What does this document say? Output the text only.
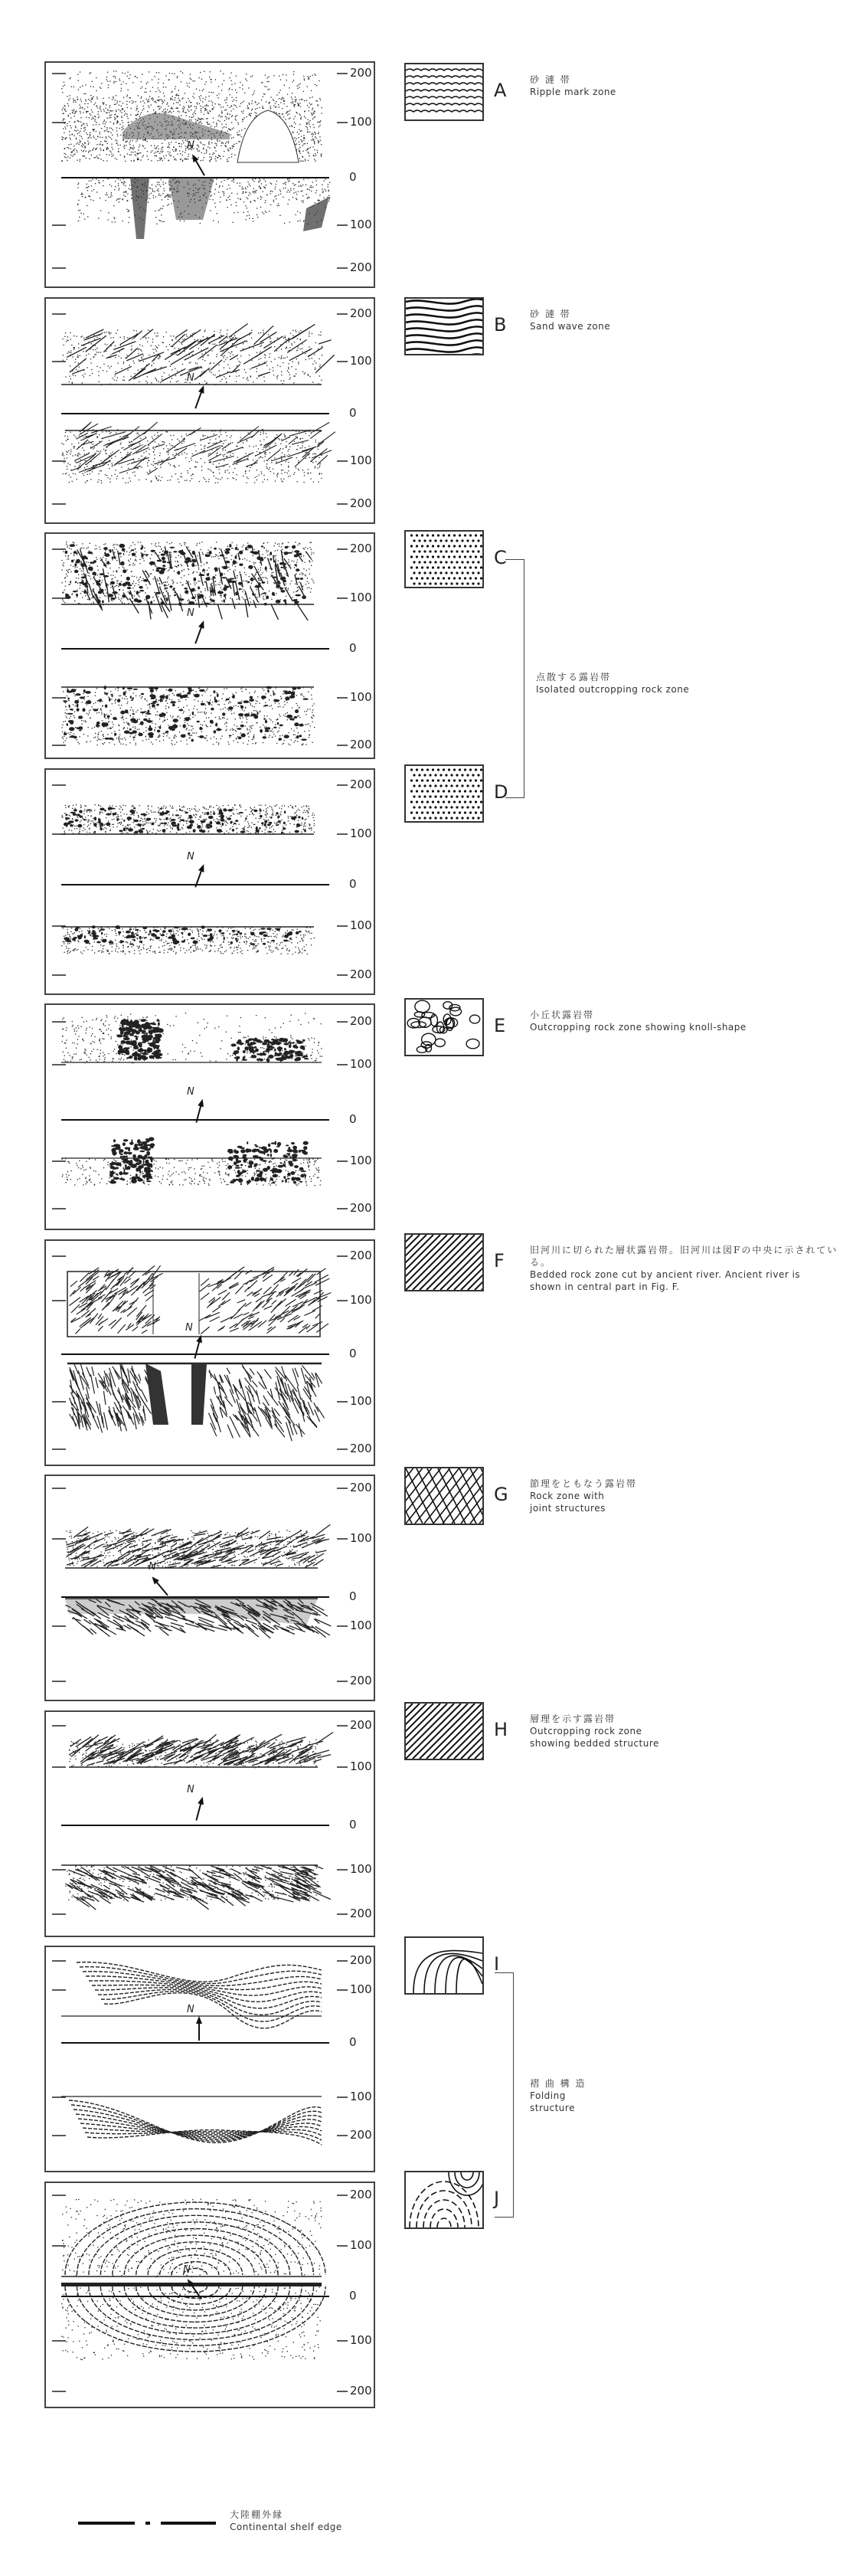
N
200
100
0
100
200
N
200
100
0
100
200
N
200
100
0
100
200
N
200
100
0
100
200
N
200
100
0
100
200
N
200
100
0
100
200
N
200
100
0
100
200
N
200
100
0
100
200
N
200
100
0
100
200
N
200
100
0
100
200
A	砂 漣 帯
Ripple mark zone
B	砂 漣 帯
Sand wave zone
C
D
E	小丘状露岩帯
Outcropping rock zone showing knoll-shape
F	旧河川に切られた層状露岩帯。旧河川は図Fの中央に示されている。
Bedded rock zone cut by ancient river. Ancient river is
shown in central part in Fig. F.
G 節理をともなう露岩帯
Rock zone with
joint structures
H 層理を示す露岩帯
Outcropping rock zone
showing bedded structure
I
J
点散する露岩帯
Isolated outcropping rock zone
褶 曲 構 造
Folding
structure
大陸棚外縁
Continental shelf edge
